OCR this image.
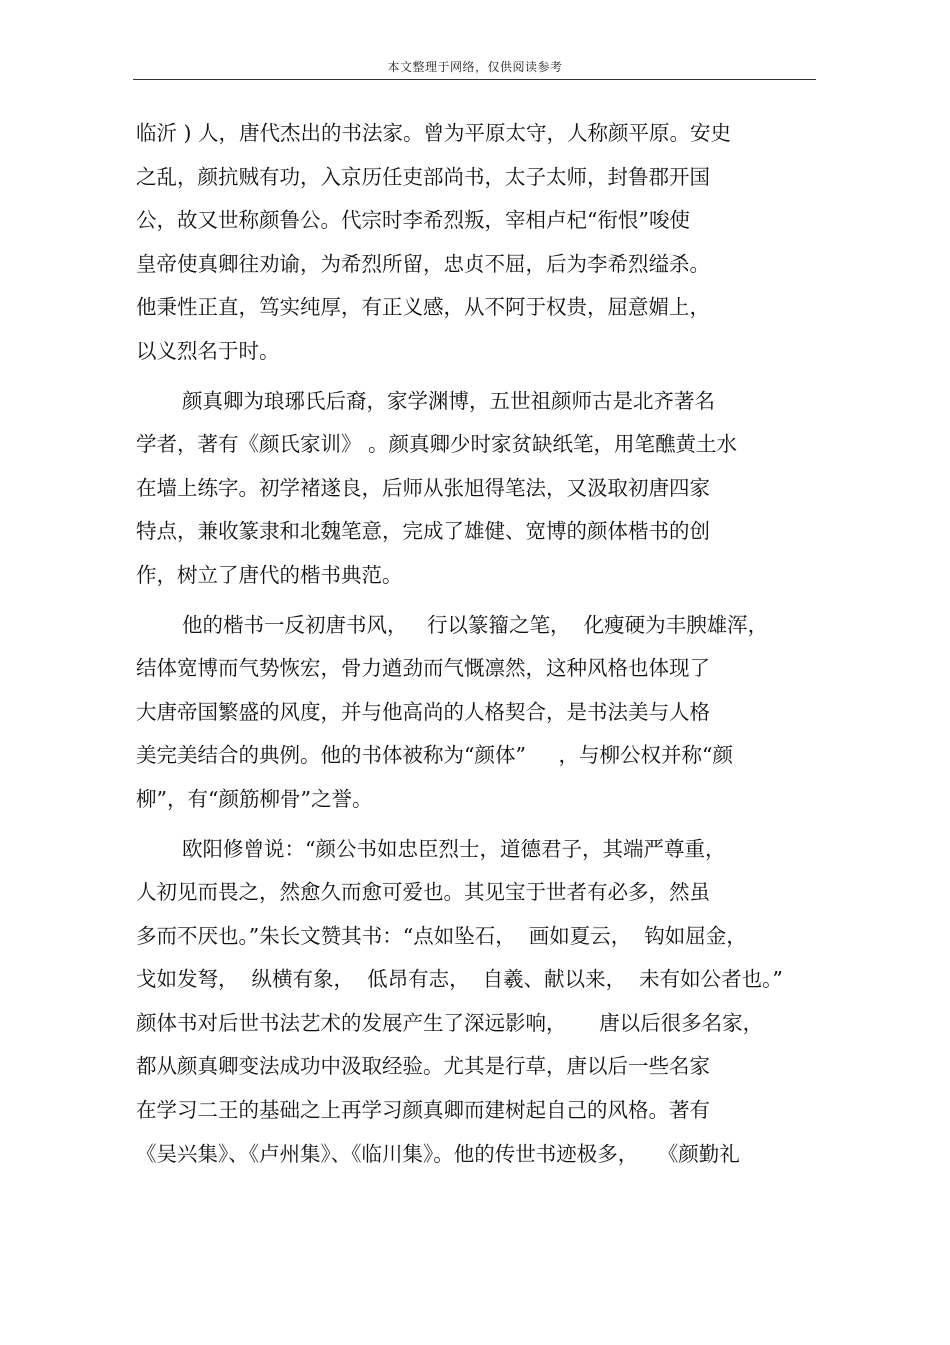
本文整理于网络，仅供阅读参考
临沂 ) 人，唐代杰出的书法家。曾为平原太守，人称颜平原。安史
之乱，颜抗贼有功，入京历任吏部尚书，太子太师，封鲁郡开国
公，故又世称颜鲁公。代宗时李希烈叛，宰相卢杞“衔恨”唆使
皇帝使真卿往劝谕，为希烈所留，忠贞不屈，后为李希烈缢杀。
他秉性正直，笃实纯厚，有正义感，从不阿于权贵，屈意媚上，
以义烈名于时。
颜真卿为琅琊氏后裔，家学渊博，五世祖颜师古是北齐著名
学者，著有《颜氏家训》 。颜真卿少时家贫缺纸笔，用笔醮黄土水
在墙上练字。初学褚遂良，后师从张旭得笔法，又汲取初唐四家
特点，兼收篆隶和北魏笔意，完成了雄健、宽博的颜体楷书的创
作，树立了唐代的楷书典范。
他的楷书一反初唐书风，   行以篆籀之笔，  化瘦硬为丰腴雄浑，
结体宽博而气势恢宏，骨力遒劲而气慨凛然，这种风格也体现了
大唐帝国繁盛的风度，并与他高尚的人格契合，是书法美与人格
美完美结合的典例。他的书体被称为“颜体”     ，与柳公权并称“颜
柳”，有“颜筋柳骨”之誉。
欧阳修曾说：“颜公书如忠臣烈士，道德君子，其端严尊重，
人初见而畏之，然愈久而愈可爱也。其见宝于世者有必多，然虽
多而不厌也。”朱长文赞其书：“点如坠石，  画如夏云，  钩如屈金，
戈如发弩，  纵横有象，  低昂有志，  自羲、献以来，  未有如公者也。”
颜体书对后世书法艺术的发展产生了深远影响，     唐以后很多名家，
都从颜真卿变法成功中汲取经验。尤其是行草，唐以后一些名家
在学习二王的基础之上再学习颜真卿而建树起自己的风格。著有
《吴兴集》、《卢州集》、《临川集》。他的传世书迹极多，   《颜勤礼
